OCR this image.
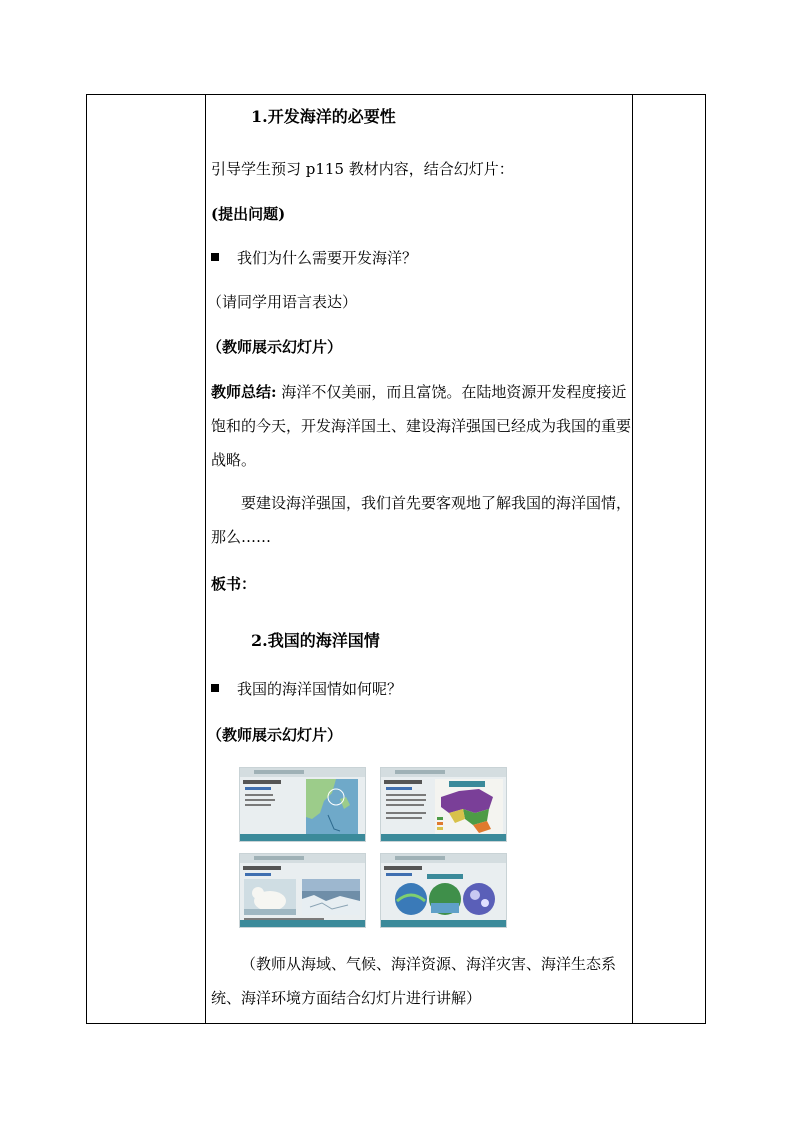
1.开发海洋的必要性
引导学生预习 p115 教材内容，结合幻灯片：
(提出问题)
我们为什么需要开发海洋？
（请同学用语言表达）
（教师展示幻灯片）
教师总结: 海洋不仅美丽，而且富饶。在陆地资源开发程度接近饱和的今天，开发海洋国土、建设海洋强国已经成为我国的重要战略。
要建设海洋强国，我们首先要客观地了解我国的海洋国情，那么……
板书：
2.我国的海洋国情
我国的海洋国情如何呢？
（教师展示幻灯片）
（教师从海域、气候、海洋资源、海洋灾害、海洋生态系统、海洋环境方面结合幻灯片进行讲解）
